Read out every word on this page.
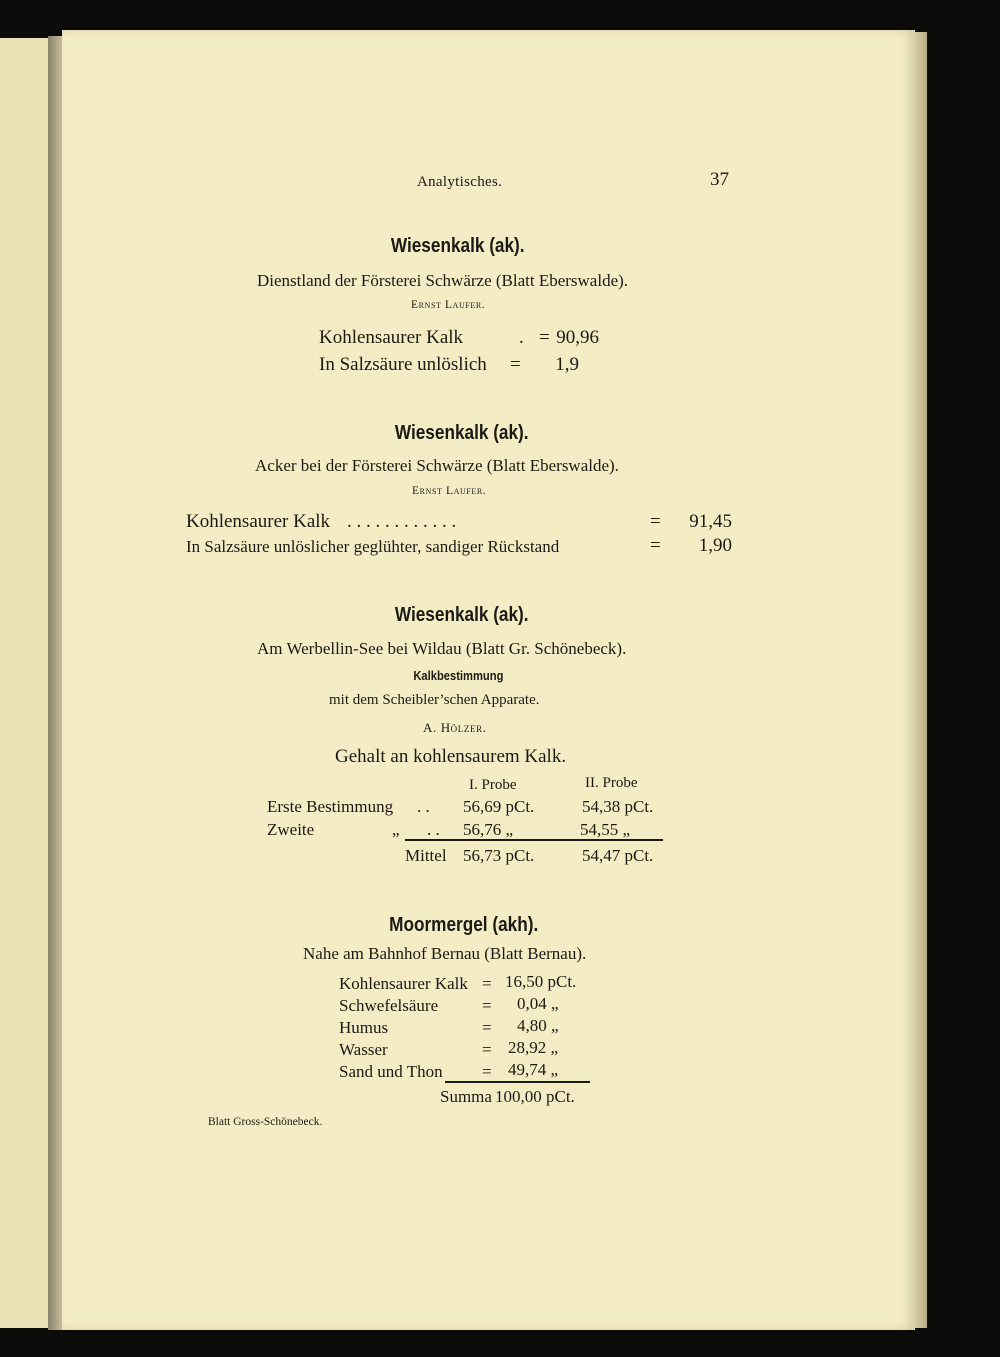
Analytisches.	37
Wiesenkalk (ak).
Dienstland der Försterei Schwärze (Blatt Eberswalde).
Ernst Laufer.
Kohlensaurer Kalk	. = 90,96
In Salzsäure unlöslich =	1,9
Wiesenkalk (ak).
Acker bei der Försterei Schwärze (Blatt Eberswalde).
Ernst Laufer.
Kohlensaurer Kalk . . . . . . . . . . . .	=	91,45
In Salzsäure unlöslicher geglühter, sandiger Rückstand	=	1,90
Wiesenkalk (ak).
Am Werbellin-See bei Wildau (Blatt Gr. Schönebeck).
Kalkbestimmung
mit dem Scheibler’schen Apparate.
A. Hölzer.
Gehalt an kohlensaurem Kalk.
I. Probe	II. Probe
Erste Bestimmung . . 56,69 pCt.	54,38 pCt.
Zweite	„ . . 56,76 „	54,55 „
Mittel 56,73 pCt.	54,47 pCt.
Moormergel (akh).
Nahe am Bahnhof Bernau (Blatt Bernau).
Kohlensaurer Kalk = 16,50 pCt.
Schwefelsäure	= 0,04 „
Humus	= 4,80 „
Wasser	= 28,92 „
Sand und Thon = 49,74 „
Summa 100,00 pCt.
Blatt Gross-Schönebeck.
